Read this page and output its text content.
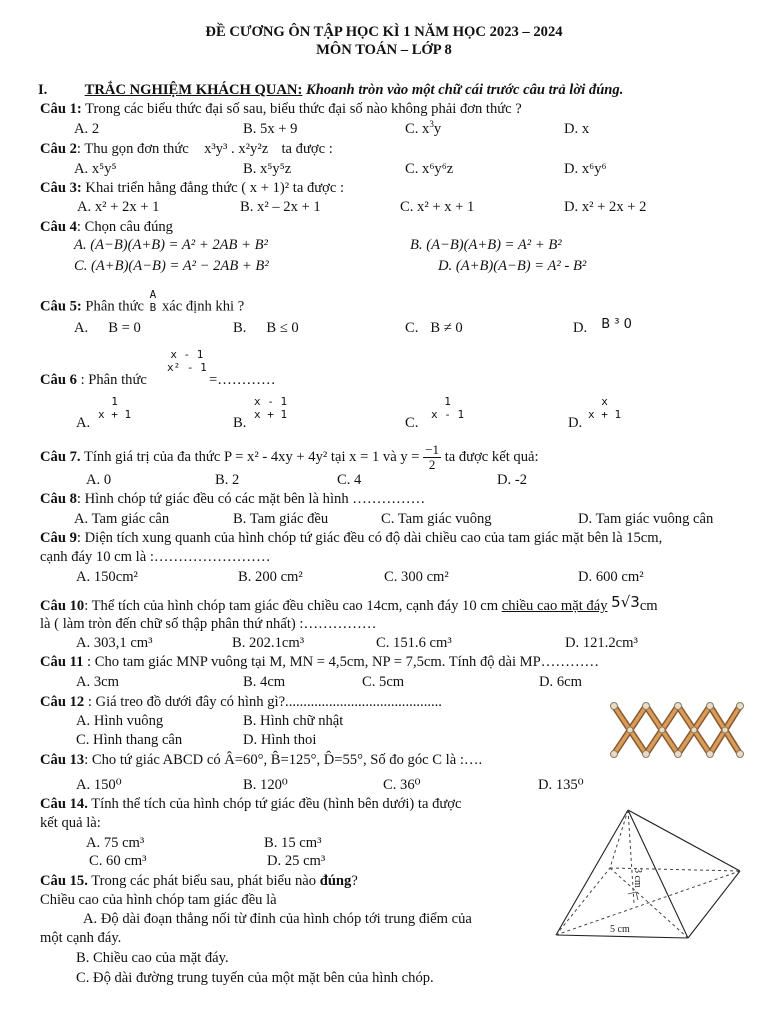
ĐỀ CƯƠNG ÔN TẬP HỌC KÌ 1 NĂM HỌC 2023 – 2024
MÔN TOÁN – LỚP 8
I.	TRẮC NGHIỆM KHÁCH QUAN: Khoanh tròn vào một chữ cái trước câu trả lời đúng.
Câu 1: Trong các biểu thức đại số sau, biểu thức đại số nào không phải đơn thức ?
A. 2	B. 5x + 9	C. $x^3y$	D. x
Câu 2: Thu gọn đơn thức x³y³ . x²y²z ta được :
A. x⁵y⁵	B. x⁵y⁵z	C. x⁶y⁶z	D. x⁶y⁶
Câu 3: Khai triển hằng đẳng thức ( x + 1)² ta được :
A. x² + 2x + 1	B. x² – 2x + 1	C. x² + x + 1	D. x² + 2x + 2
Câu 4: Chọn câu đúng
A. (A−B)(A+B) = A² + 2AB + B²	B. (A−B)(A+B) = A² + B²
C. (A+B)(A−B) = A² − 2AB + B²	D. (A+B)(A−B) = A² - B²
Câu 5: Phân thức
A
B xác định khi ?
A. B = 0	B. B ≤ 0	C. B ≠ 0	D. B ³ 0
Câu 6 : Phân thức
x - 1
x² - 1
=…………
A.
1
x + 1
B.
x - 1
x + 1
C.
1
x - 1
D.
x
x + 1
Câu 7. Tính giá trị của đa thức P = x² - 4xy + 4y² tại x = 1 và $y = \frac{-1}{2}$ ta được kết quả:
A. 0	B. 2	C. 4	D. -2
Câu 8: Hình chóp tứ giác đều có các mặt bên là hình ……………
A. Tam giác cân	B. Tam giác đều	C. Tam giác vuông	D. Tam giác vuông cân
Câu 9: Diện tích xung quanh của hình chóp tứ giác đều có độ dài chiều cao của tam giác mặt bên là 15cm,
cạnh đáy 10 cm là :……………………
A. 150cm²	B. 200 cm²	C. 300 cm²	D. 600 cm²
Câu 10: Thể tích của hình chóp tam giác đều chiều cao 14cm, cạnh đáy 10 cm chiều cao mặt đáy 5√3cm
là ( làm tròn đến chữ số thập phân thứ nhất) :……………
A. 303,1 cm³	B. 202.1cm³	C. 151.6 cm³	D. 121.2cm³
Câu 11 : Cho tam giác MNP vuông tại M, MN = 4,5cm, NP = 7,5cm. Tính độ dài MP…………
A. 3cm	B. 4cm	C. 5cm	D. 6cm
Câu 12 : Giá treo đồ dưới đây có hình gì?...........................................
A. Hình vuông	B. Hình chữ nhật
C. Hình thang cân	D. Hình thoi
Câu 13: Cho tứ giác ABCD có Â=60°, B̂=125°, D̂=55°, Số đo góc C là :….
A. 150⁰	B. 120⁰	C. 36⁰	D. 135⁰
Câu 14. Tính thể tích của hình chóp tứ giác đều (hình bên dưới) ta được
kết quả là:
A. 75 cm³	B. 15 cm³
C. 60 cm³	D. 25 cm³
3 cm
5 cm
Câu 15. Trong các phát biểu sau, phát biểu nào đúng?
Chiều cao của hình chóp tam giác đều là
A. Độ dài đoạn thẳng nối từ đỉnh của hình chóp tới trung điểm của
một cạnh đáy.
B. Chiều cao của mặt đáy.
C. Độ dài đường trung tuyến của một mặt bên của hình chóp.
